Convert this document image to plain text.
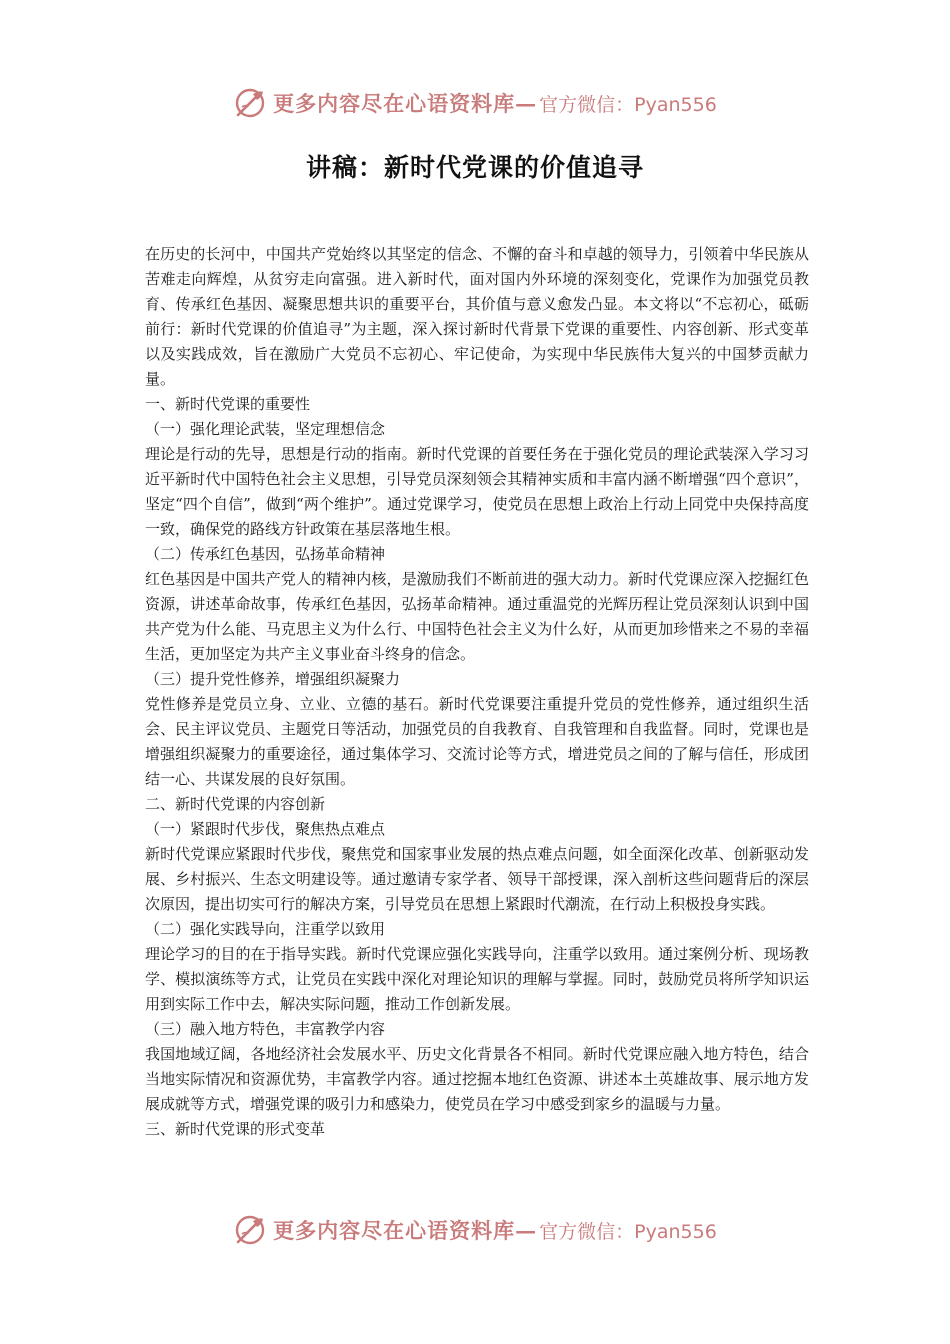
更多内容尽在心语资料库 — 官方微信：Pyan556
讲稿：新时代党课的价值追寻

在历史的长河中，中国共产党始终以其坚定的信念、不懈的奋斗和卓越的领导力，引领着中华民族从苦难走向辉煌，从贫穷走向富强。进入新时代，面对国内外环境的深刻变化，党课作为加强党员教育、传承红色基因、凝聚思想共识的重要平台，其价值与意义愈发凸显。本文将以“不忘初心，砥砺前行：新时代党课的价值追寻”为主题，深入探讨新时代背景下党课的重要性、内容创新、形式变革以及实践成效，旨在激励广大党员不忘初心、牢记使命，为实现中华民族伟大复兴的中国梦贡献力量。

一、新时代党课的重要性

（一）强化理论武装，坚定理想信念

理论是行动的先导，思想是行动的指南。新时代党课的首要任务在于强化党员的理论武装深入学习习近平新时代中国特色社会主义思想，引导党员深刻领会其精神实质和丰富内涵不断增强“四个意识”，坚定“四个自信”，做到“两个维护”。通过党课学习，使党员在思想上政治上行动上同党中央保持高度一致，确保党的路线方针政策在基层落地生根。

（二）传承红色基因，弘扬革命精神

红色基因是中国共产党人的精神内核，是激励我们不断前进的强大动力。新时代党课应深入挖掘红色资源，讲述革命故事，传承红色基因，弘扬革命精神。通过重温党的光辉历程让党员深刻认识到中国共产党为什么能、马克思主义为什么行、中国特色社会主义为什么好，从而更加珍惜来之不易的幸福生活，更加坚定为共产主义事业奋斗终身的信念。

（三）提升党性修养，增强组织凝聚力

党性修养是党员立身、立业、立德的基石。新时代党课要注重提升党员的党性修养，通过组织生活会、民主评议党员、主题党日等活动，加强党员的自我教育、自我管理和自我监督。同时，党课也是增强组织凝聚力的重要途径，通过集体学习、交流讨论等方式，增进党员之间的了解与信任，形成团结一心、共谋发展的良好氛围。

二、新时代党课的内容创新

（一）紧跟时代步伐，聚焦热点难点

新时代党课应紧跟时代步伐，聚焦党和国家事业发展的热点难点问题，如全面深化改革、创新驱动发展、乡村振兴、生态文明建设等。通过邀请专家学者、领导干部授课，深入剖析这些问题背后的深层次原因，提出切实可行的解决方案，引导党员在思想上紧跟时代潮流，在行动上积极投身实践。

（二）强化实践导向，注重学以致用

理论学习的目的在于指导实践。新时代党课应强化实践导向，注重学以致用。通过案例分析、现场教学、模拟演练等方式，让党员在实践中深化对理论知识的理解与掌握。同时，鼓励党员将所学知识运用到实际工作中去，解决实际问题，推动工作创新发展。

（三）融入地方特色，丰富教学内容

我国地域辽阔，各地经济社会发展水平、历史文化背景各不相同。新时代党课应融入地方特色，结合当地实际情况和资源优势，丰富教学内容。通过挖掘本地红色资源、讲述本土英雄故事、展示地方发展成就等方式，增强党课的吸引力和感染力，使党员在学习中感受到家乡的温暖与力量。

三、新时代党课的形式变革

更多内容尽在心语资料库 — 官方微信：Pyan556
